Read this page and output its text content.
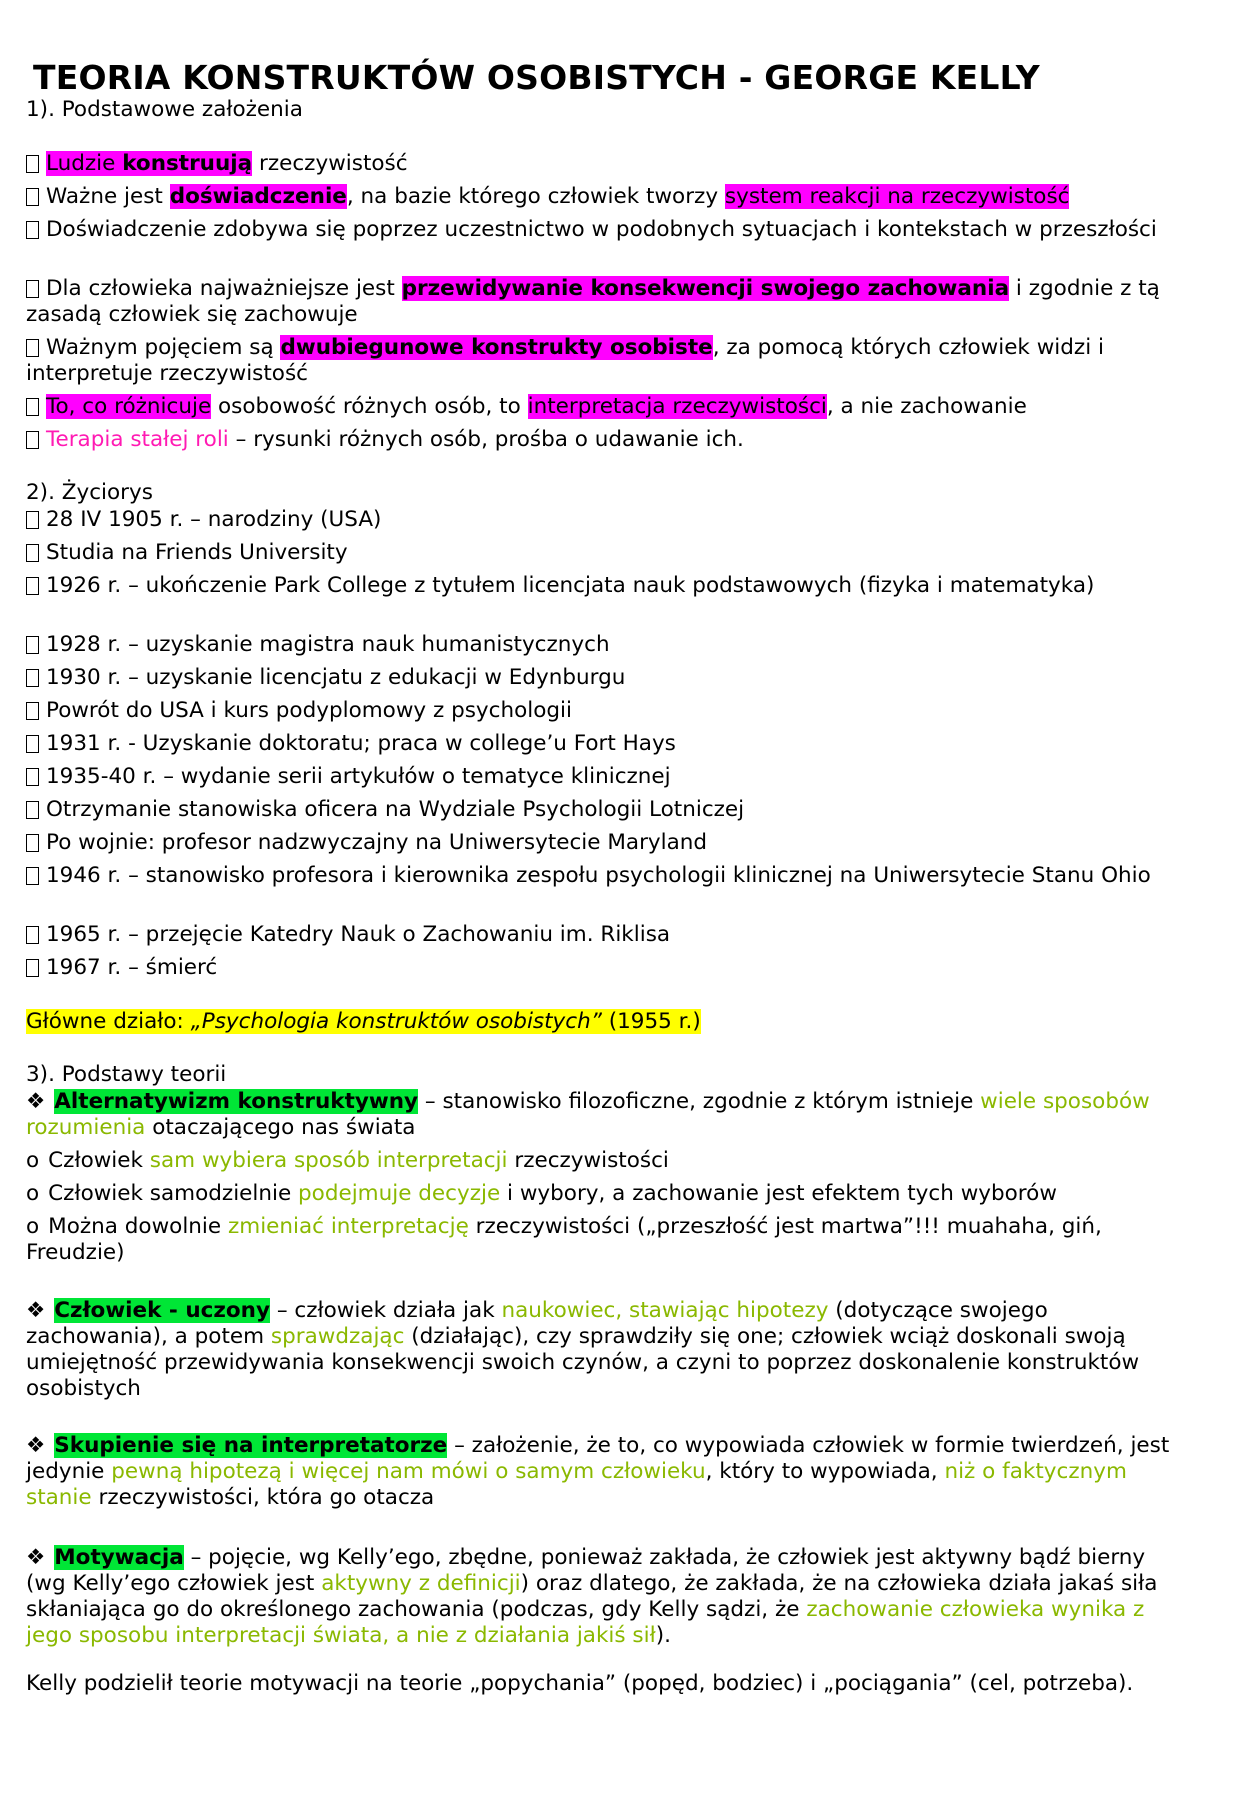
TEORIA KONSTRUKTÓW OSOBISTYCH - GEORGE KELLY
1). Podstawowe założenia
Ludzie konstruują rzeczywistość
Ważne jest doświadczenie, na bazie którego człowiek tworzy system reakcji na rzeczywistość
Doświadczenie zdobywa się poprzez uczestnictwo w podobnych sytuacjach i kontekstach w przeszłości
Dla człowieka najważniejsze jest przewidywanie konsekwencji swojego zachowania i zgodnie z tą zasadą człowiek się zachowuje
Ważnym pojęciem są dwubiegunowe konstrukty osobiste, za pomocą których człowiek widzi i interpretuje rzeczywistość
To, co różnicuje osobowość różnych osób, to interpretacja rzeczywistości, a nie zachowanie
Terapia stałej roli – rysunki różnych osób, prośba o udawanie ich.
2). Życiorys
28 IV 1905 r. – narodziny (USA)
Studia na Friends University
1926 r. – ukończenie Park College z tytułem licencjata nauk podstawowych (fizyka i matematyka)
1928 r. – uzyskanie magistra nauk humanistycznych
1930 r. – uzyskanie licencjatu z edukacji w Edynburgu
Powrót do USA i kurs podyplomowy z psychologii
1931 r. - Uzyskanie doktoratu; praca w college’u Fort Hays
1935-40 r. – wydanie serii artykułów o tematyce klinicznej
Otrzymanie stanowiska oficera na Wydziale Psychologii Lotniczej
Po wojnie: profesor nadzwyczajny na Uniwersytecie Maryland
1946 r. – stanowisko profesora i kierownika zespołu psychologii klinicznej na Uniwersytecie Stanu Ohio
1965 r. – przejęcie Katedry Nauk o Zachowaniu im. Riklisa
1967 r. – śmierć
Główne działo: „Psychologia konstruktów osobistych” (1955 r.)
3). Podstawy teorii
❖ Alternatywizm konstruktywny – stanowisko filozoficzne, zgodnie z którym istnieje wiele sposobów rozumienia otaczającego nas świata
o Człowiek sam wybiera sposób interpretacji rzeczywistości
o Człowiek samodzielnie podejmuje decyzje i wybory, a zachowanie jest efektem tych wyborów
o Można dowolnie zmieniać interpretację rzeczywistości („przeszłość jest martwa”!!! muahaha, giń, Freudzie)
❖ Człowiek - uczony – człowiek działa jak naukowiec, stawiając hipotezy (dotyczące swojego zachowania), a potem sprawdzając (działając), czy sprawdziły się one; człowiek wciąż doskonali swoją umiejętność przewidywania konsekwencji swoich czynów, a czyni to poprzez doskonalenie konstruktów osobistych
❖ Skupienie się na interpretatorze – założenie, że to, co wypowiada człowiek w formie twierdzeń, jest jedynie pewną hipotezą i więcej nam mówi o samym człowieku, który to wypowiada, niż o faktycznym stanie rzeczywistości, która go otacza
❖ Motywacja – pojęcie, wg Kelly’ego, zbędne, ponieważ zakłada, że człowiek jest aktywny bądź bierny (wg Kelly’ego człowiek jest aktywny z definicji) oraz dlatego, że zakłada, że na człowieka działa jakaś siła skłaniająca go do określonego zachowania (podczas, gdy Kelly sądzi, że zachowanie człowieka wynika z jego sposobu interpretacji świata, a nie z działania jakiś sił).
Kelly podzielił teorie motywacji na teorie „popychania” (popęd, bodziec) i „pociągania” (cel, potrzeba).
